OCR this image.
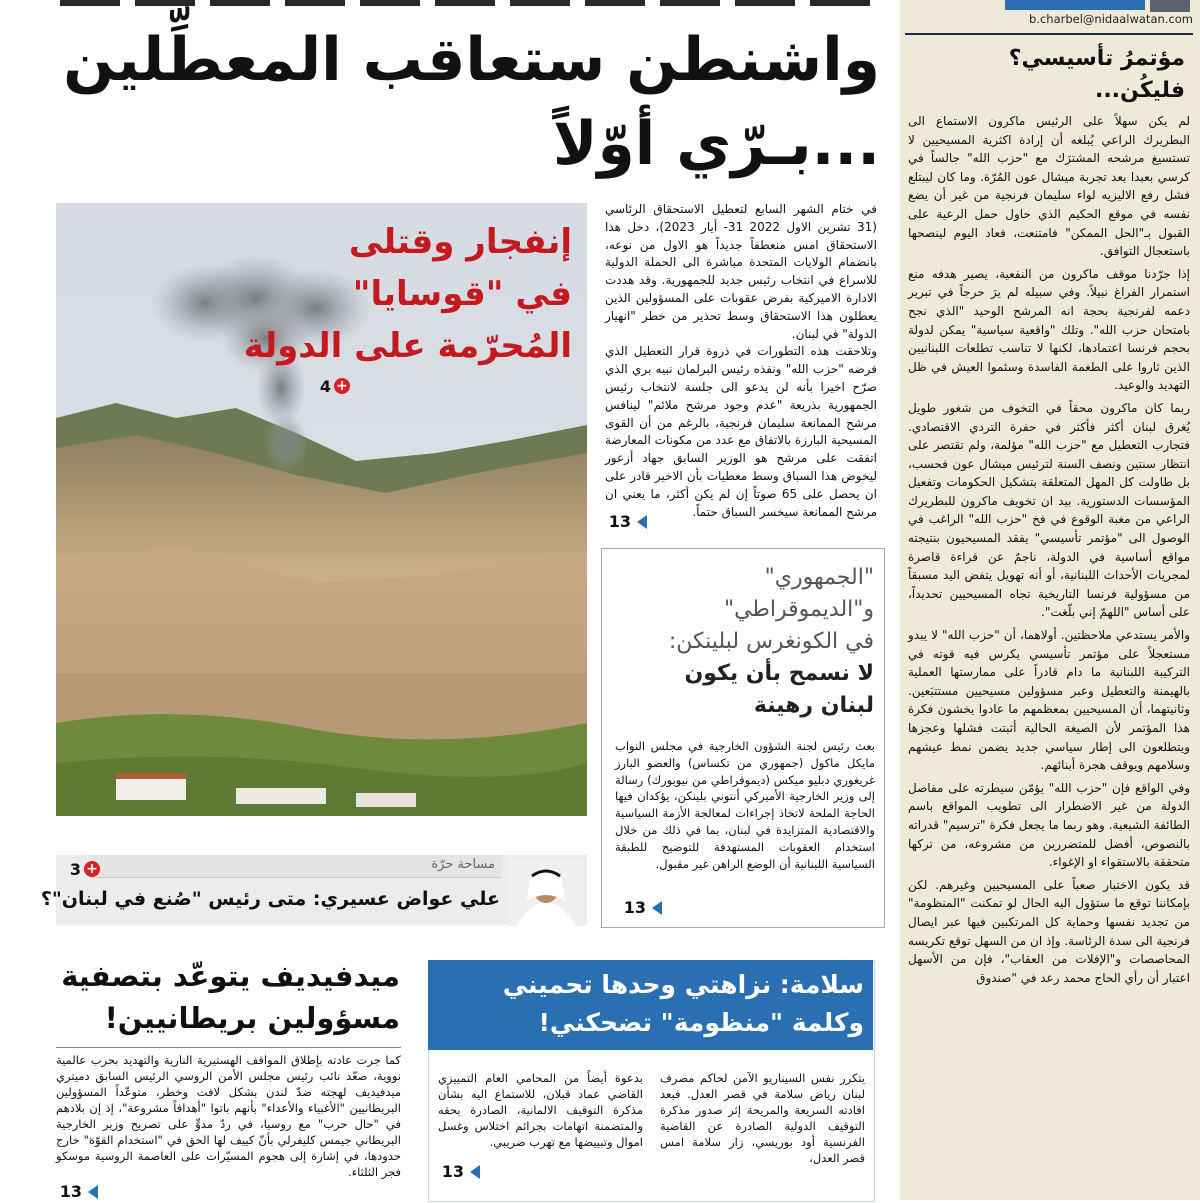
b.charbel@nidaalwatan.com
مؤتمرُ تأسيسي؟
فليكُن...

لم يكن سهلاً على الرئيس ماكرون الاستماع الى البطريرك الراعي يُبلغه أن إرادة اكثرية المسيحيين لا تستسيغ مرشحه المشترَك مع "حزب الله" جالساً في كرسي بعبدا بعد تجربة ميشال عون المُرّة. وما كان ليبتلع فشل رفع الاليزيه لواء سليمان فرنجية من غير أن يضع نفسه في موقع الحكيم الذي حاول حمل الرعية على القبول بـ"الحل الممكن" فامتنعت، فعاد اليوم لينصحها باستعجال التوافق.

إذا جرّدنا موقف ماكرون من النفعية، يصير هدفه منع استمرار الفراغ نبيلاً. وفي سبيله لم يرَ حرجاً في تبرير دعمه لفرنجية بحجة انه المرشح الوحيد "الذي نجح بامتحان حزب الله". وتلك "واقعية سياسية" يمكن لدولة بحجم فرنسا اعتمادها، لكنها لا تناسب تطلعات اللبنانيين الذين ثاروا على الطغمة الفاسدة وسئموا العيش في ظل التهديد والوعيد.

ربما كان ماكرون محقاً في التخوف من شغور طويل يُغرق لبنان أكثر فأكثر في حفرة التردي الاقتصادي. فتجارب التعطيل مع "حزب الله" مؤلمة، ولم تقتصر على انتظار سنتين ونصف السنة لترئيس ميشال عون فحسب، بل طاولت كل المهل المتعلقة بتشكيل الحكومات وتفعيل المؤسسات الدستورية. بيد ان تخويف ماكرون للبطريرك الراعي من مغبة الوقوع في فخ "حزب الله" الراغب في الوصول الى "مؤتمر تأسيسي" يفقد المسيحيون بنتيجته مواقع أساسية في الدولة، ناجمٌ عن قراءة قاصرة لمجريات الأحداث اللبنانية، أو أنه تهويل يتفض اليد مسبقاً من مسؤولية فرنسا التاريخية تجاه المسيحيين تحديداً، على أساس "اللهمّ إني بلّغت".

والأمر يستدعي ملاحظتين. أولاهما، أن "حزب الله" لا يبدو مستعجلاً على مؤتمر تأسيسي يكرس فيه قوته في التركيبة اللبنانية ما دام قادراً على ممارستها العملية بالهيمنة والتعطيل وعبر مسؤولين مسيحيين مستتبَعين. وثانيتهما، أن المسيحيين بمعظمهم ما عادوا يخشون فكرة هذا المؤتمر لأن الصيغة الحالية أثبتت فشلها وعجزها ويتطلعون الى إطار سياسي جديد يضمن نمط عيشهم وسلامهم ويوقف هجرة أبنائهم.

وفي الواقع فإن "حزب الله" يؤمّن سيطرته على مفاصل الدولة من غير الاضطرار الى تطويب المواقع باسم الطائفة الشيعية. وهو ربما ما يجعل فكرة "ترسيم" قدراته بالنصوص، أفضل للمتضررين من مشروعه، من تركها متحققة بالاستقواء او الإغواء.

قد يكون الاختبار صعباً على المسيحيين وغيرهم. لكن بإمكاننا توقع ما ستؤول اليه الحال لو تمكنت "المنظومة" من تجديد نفسها وحماية كل المرتكبين فيها عبر ايصال فرنجية الى سدة الرئاسة. وإذ ان من السهل توقع تكريسه المحاصصات و"الإفلات من العقاب"، فإن من الأسهل اعتبار أن رأي الحاج محمد رعد في "صندوق

واشنطن ستعاقب المعطِّلين
...بـرّي أوّلاً
إنفجار وقتلى
في "قوسايا"
المُحرّمة على الدولة
+
4

في ختام الشهر السابع لتعطيل الاستحقاق الرئاسي (31 تشرين الاول 2022 31- أيار 2023)، دخل هذا الاستحقاق امس منعطفاً جديداً هو الاول من نوعه، بانضمام الولايات المتحدة مباشرة الى الحملة الدولية للاسراع في انتخاب رئيس جديد للجمهورية. وقد هددت الادارة الاميركية بفرض عقوبات على المسؤولين الذين يعطلون هذا الاستحقاق وسط تحذير من خطر "انهيار الدولة" في لبنان.

وتلاحقت هذه التطورات في ذروة قرار التعطيل الذي فرضه "حزب الله" ونفذه رئيس البرلمان نبيه بري الذي صرّح اخيرا بأنه لن يدعو الى جلسة لانتخاب رئيس الجمهورية بذريعة "عدم وجود مرشح ملائم" لينافس مرشح الممانعة سليمان فرنجية، بالرغم من أن القوى المسيحية البارزة بالاتفاق مع عدد من مكونات المعارضة اتفقت على مرشح هو الوزير السابق جهاد أزعور ليخوض هذا السباق وسط معطيات بأن الاخير قادر على ان يحصل على 65 صوتاً إن لم يكن أكثر، ما يعني ان مرشح الممانعة سيخسر السباق حتماً.

13
"الجمهوري"
و"الديموقراطي"
في الكونغرس لبلينكن:
لا نسمح بأن يكون
لبنان رهينة

بعث رئيس لجنة الشؤون الخارجية في مجلس النواب مايكل ماكول (جمهوري من تكساس) والعضو البارز غريغوري دبليو ميكس (ديموقراطي من نيويورك) رسالة إلى وزير الخارجية الأميركي أنتوني بلينكن، يؤكدان فيها الحاجة الملحة لاتخاذ إجراءات لمعالجة الأزمة السياسية والاقتصادية المتزايدة في لبنان، بما في ذلك من خلال استخدام العقوبات المستهدفة للتوضيح للطبقة السياسية اللبنانية أن الوضع الراهن غير مقبول.

13
مساحة حرّة
+
3
علي عواض عسيري: متى رئيس "صُنع في لبنان"؟
ميدفيديف يتوعّد بتصفية
مسؤولين بريطانيين!

كما جرت عادته بإطلاق المواقف الهستيرية النارية والتهديد بحرب عالمية نووية، صعّد نائب رئيس مجلس الأمن الروسي الرئيس السابق دميتري ميدفيديف لهجته ضدّ لندن بشكل لافت وخطر، متوعّداً المسؤولين البريطانيين "الأغبياء والأعداء" بأنهم باتوا "أهدافاً مشروعة"، إذ إن بلادهم في "حال حرب" مع روسيا، في ردّ مدوٍّ على تصريح وزير الخارجية البريطاني جيمس كليفرلي بأنّ كييف لها الحق في "استخدام القوّة" خارج حدودها، في إشارة إلى هجوم المسيّرات على العاصمة الروسية موسكو فجر الثلثاء.

13
سلامة: نزاهتي وحدها تحميني
وكلمة "منظومة" تضحكني!

يتكرر نفس السيناريو الآمن لحاكم مصرف لبنان رياض سلامة في قصر العدل. فبعد افادته السريعة والمريحة إثر صدور مذكرة التوقيف الدولية الصادرة عن القاضية الفرنسية أود بوريسي، زار سلامة امس قصر العدل،

بدعوة أيضاً من المحامي العام التمييزي القاضي عماد قبلان، للاستماع اليه بشأن مذكرة التوقيف الالمانية، الصادرة بحقه والمتضمنة اتهامات بجرائم اختلاس وغسل اموال وتبييضها مع تهرب ضريبي.

13
